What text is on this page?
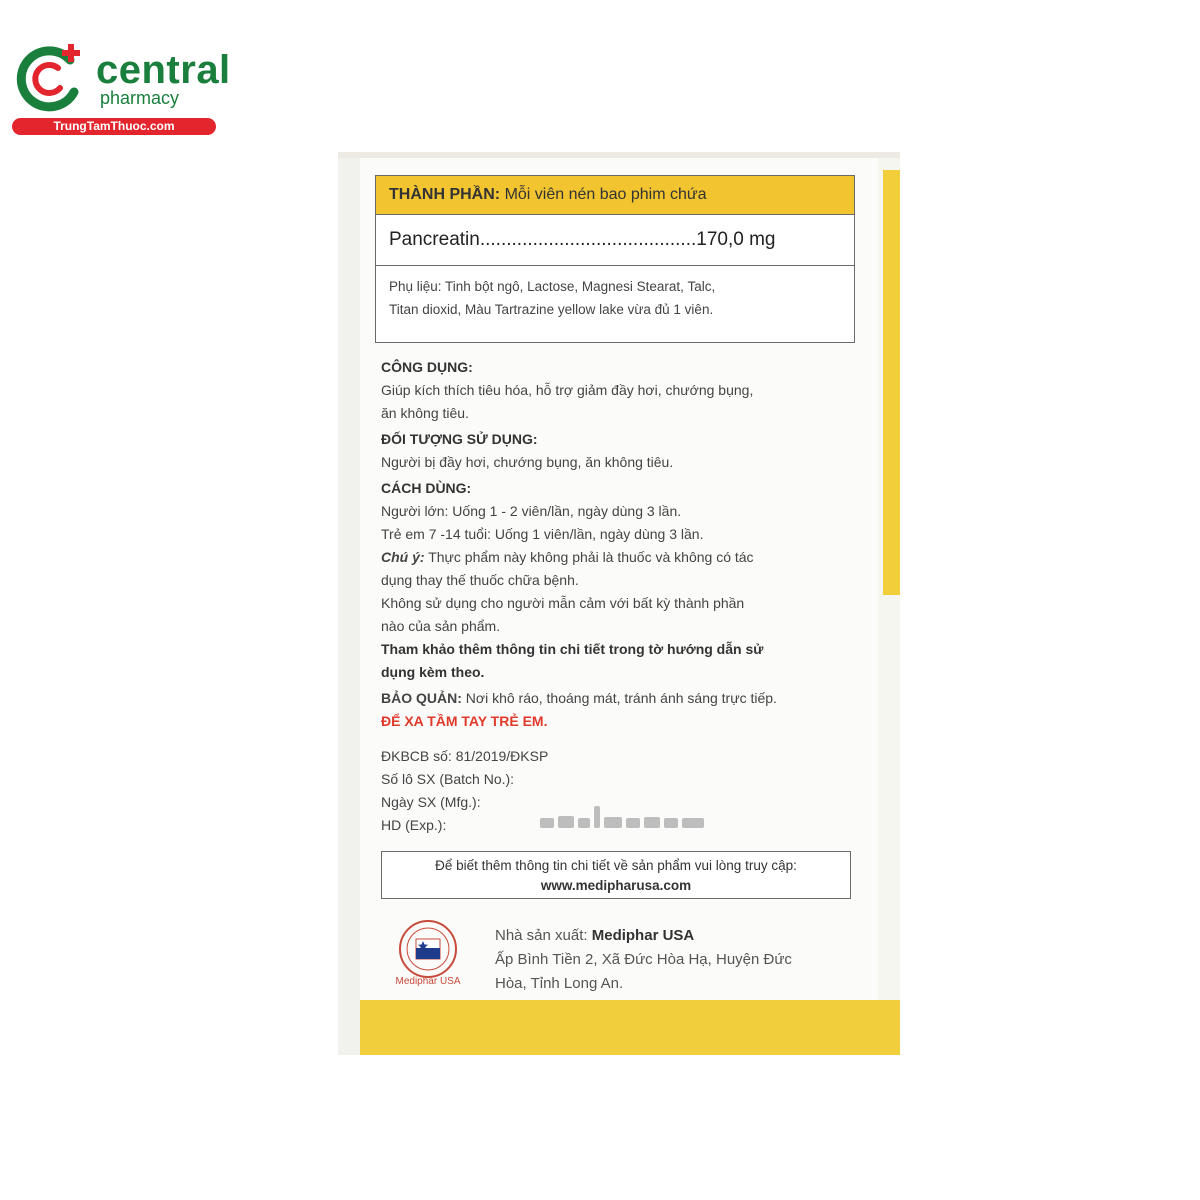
central
pharmacy
TrungTamThuoc.com
THÀNH PHẦN: Mỗi viên nén bao phim chứa
Pancreatin.........................................170,0 mg
Phụ liệu: Tinh bột ngô, Lactose, Magnesi Stearat, Talc,
Titan dioxid, Màu Tartrazine yellow lake vừa đủ 1 viên.
CÔNG DỤNG:
Giúp kích thích tiêu hóa, hỗ trợ giảm đầy hơi, chướng bụng,
ăn không tiêu.
ĐỐI TƯỢNG SỬ DỤNG:
Người bị đầy hơi, chướng bụng, ăn không tiêu.
CÁCH DÙNG:
Người lớn: Uống 1 - 2 viên/lần, ngày dùng 3 lần.
Trẻ em 7 -14 tuổi: Uống 1 viên/lần, ngày dùng 3 lần.
Chú ý: Thực phẩm này không phải là thuốc và không có tác
dụng thay thế thuốc chữa bệnh.
Không sử dụng cho người mẫn cảm với bất kỳ thành phần
nào của sản phẩm.
Tham khảo thêm thông tin chi tiết trong tờ hướng dẫn sử
dụng kèm theo.
BẢO QUẢN: Nơi khô ráo, thoáng mát, tránh ánh sáng trực tiếp.
ĐỂ XA TẦM TAY TRẺ EM.
ĐKBCB số: 81/2019/ĐKSP
Số lô SX (Batch No.):
Ngày SX (Mfg.):
HD (Exp.):
Để biết thêm thông tin chi tiết về sản phẩm vui lòng truy cập:
www.medipharusa.com
Mediphar USA
Nhà sản xuất: Mediphar USA
Ấp Bình Tiền 2, Xã Đức Hòa Hạ, Huyện Đức
Hòa, Tỉnh Long An.
